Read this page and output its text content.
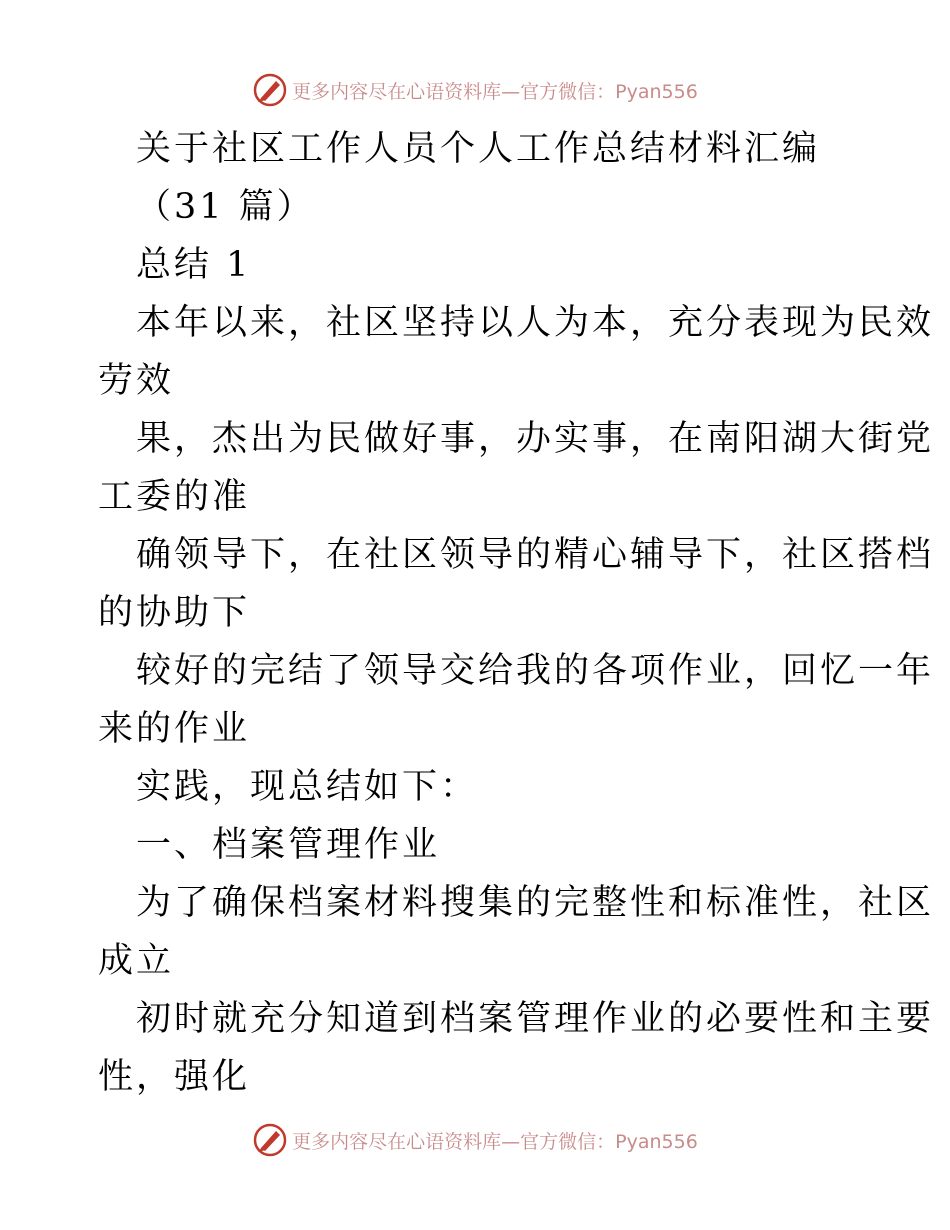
更多内容尽在心语资料库—官方微信：Pyan556
关于社区工作人员个人工作总结材料汇编
（31 篇）
总结 1
本年以来，社区坚持以人为本，充分表现为民效
劳效
果，杰出为民做好事，办实事，在南阳湖大街党
工委的准
确领导下，在社区领导的精心辅导下，社区搭档
的协助下
较好的完结了领导交给我的各项作业，回忆一年
来的作业
实践，现总结如下：
一、档案管理作业
为了确保档案材料搜集的完整性和标准性，社区
成立
初时就充分知道到档案管理作业的必要性和主要
性，强化
更多内容尽在心语资料库—官方微信：Pyan556
